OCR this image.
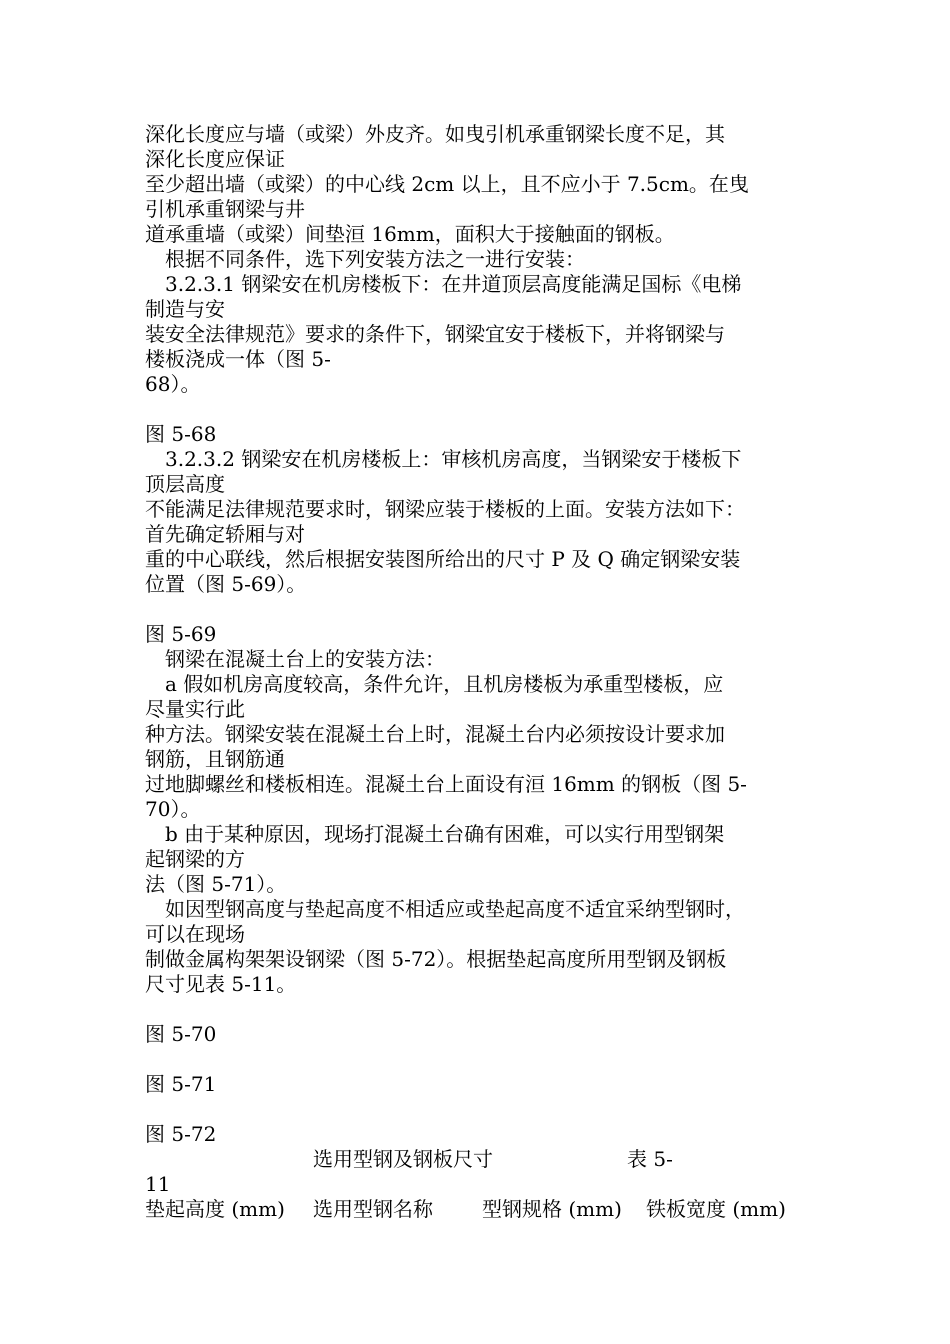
深化长度应与墙（或梁）外皮齐。如曳引机承重钢梁长度不足，其
深化长度应保证
至少超出墙（或梁）的中心线 2cm 以上，且不应小于 7.5cm。在曳
引机承重钢梁与井
道承重墙（或梁）间垫洹 16mm，面积大于接触面的钢板。
　根据不同条件，选下列安装方法之一进行安装：
　3.2.3.1 钢梁安在机房楼板下：在井道顶层高度能满足国标《电梯
制造与安
装安全法律规范》要求的条件下，钢梁宜安于楼板下，并将钢梁与
楼板浇成一体（图 5-
68）。
图 5-68
　3.2.3.2 钢梁安在机房楼板上：审核机房高度，当钢梁安于楼板下
顶层高度
不能满足法律规范要求时，钢梁应装于楼板的上面。安装方法如下：
首先确定轿厢与对
重的中心联线，然后根据安装图所给出的尺寸 P 及 Q 确定钢梁安装
位置（图 5-69）。
图 5-69
　钢梁在混凝土台上的安装方法：
　a 假如机房高度较高，条件允许，且机房楼板为承重型楼板，应
尽量实行此
种方法。钢梁安装在混凝土台上时，混凝土台内必须按设计要求加
钢筋，且钢筋通
过地脚螺丝和楼板相连。混凝土台上面设有洹 16mm 的钢板（图 5-
70）。
　b 由于某种原因，现场打混凝土台确有困难，可以实行用型钢架
起钢梁的方
法（图 5-71）。
　如因型钢高度与垫起高度不相适应或垫起高度不适宜采纳型钢时，
可以在现场
制做金属构架架设钢梁（图 5-72）。根据垫起高度所用型钢及钢板
尺寸见表 5-11。
图 5-70
图 5-71
图 5-72
选用型钢及钢板尺寸	表 5-
11
垫起高度 (mm) 选用型钢名称 型钢规格 (mm) 铁板宽度 (mm)
